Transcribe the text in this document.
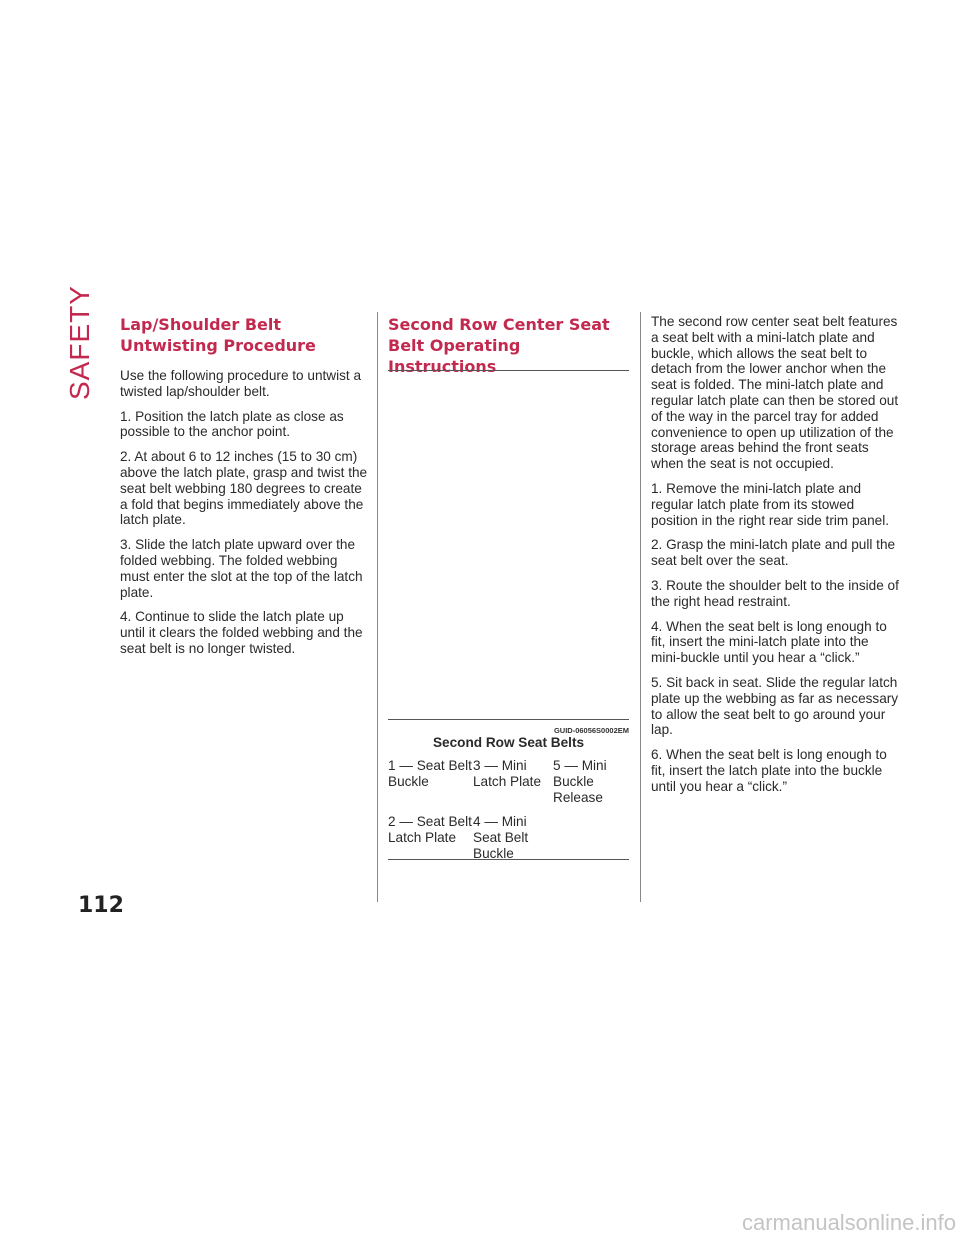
SAFETY Lap/Shoulder Belt Untwisting Procedure

Use the following procedure to untwist a twisted lap/shoulder belt.

1. Position the latch plate as close as possible to the anchor point.

2. At about 6 to 12 inches (15 to 30 cm) above the latch plate, grasp and twist the seat belt webbing 180 degrees to create a fold that begins immediately above the latch plate.

3. Slide the latch plate upward over the folded webbing. The folded webbing must enter the slot at the top of the latch plate.

4. Continue to slide the latch plate up until it clears the folded webbing and the seat belt is no longer twisted.

Second Row Center Seat Belt Operating Instructions
GUID-06056S0002EM
Second Row Seat Belts
1 — Seat Belt Buckle
3 — Mini Latch Plate
5 — Mini Buckle Release
2 — Seat Belt Latch Plate
4 — Mini Seat Belt Buckle

The second row center seat belt features a seat belt with a mini-latch plate and buckle, which allows the seat belt to detach from the lower anchor when the seat is folded. The mini-latch plate and regular latch plate can then be stored out of the way in the parcel tray for added convenience to open up utilization of the storage areas behind the front seats when the seat is not occupied.

1. Remove the mini-latch plate and regular latch plate from its stowed position in the right rear side trim panel.

2. Grasp the mini-latch plate and pull the seat belt over the seat.

3. Route the shoulder belt to the inside of the right head restraint.

4. When the seat belt is long enough to fit, insert the mini-latch plate into the mini-buckle until you hear a “click.”

5. Sit back in seat. Slide the regular latch plate up the webbing as far as necessary to allow the seat belt to go around your lap.

6. When the seat belt is long enough to fit, insert the latch plate into the buckle until you hear a “click.”

112
carmanualsonline.info
